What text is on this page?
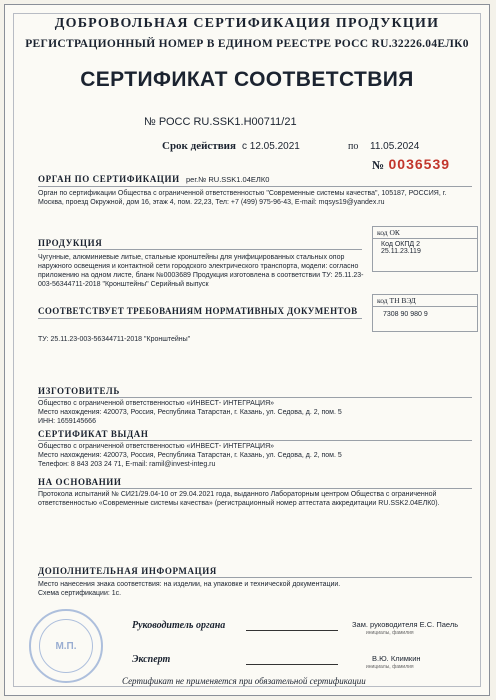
ДОБРОВОЛЬНАЯ СЕРТИФИКАЦИЯ ПРОДУКЦИИ
РЕГИСТРАЦИОННЫЙ НОМЕР В ЕДИНОМ РЕЕСТРЕ РОСС RU.32226.04ЕЛК0
СЕРТИФИКАТ СООТВЕТСТВИЯ
№ РОСС RU.SSK1.Н00711/21
Срок действия с 12.05.2021	по 11.05.2024
№ 0036539
ОРГАН ПО СЕРТИФИКАЦИИ рег.№ RU.SSK1.04ЕЛК0
Орган по сертификации Общества с ограниченной ответственностью "Современные системы качества", 105187, РОССИЯ, г. Москва, проезд Окружной, дом 16, этаж 4, пом. 22,23, Тел: +7 (499) 975-96-43, E-mail: mqsys19@yandex.ru
ПРОДУКЦИЯ
Чугунные, алюминиевые литые, стальные кронштейны для унифицированных стальных опор наружного освещения и контактной сети городского электрического транспорта, модели: согласно приложению на одном листе, бланк №0003689 Продукция изготовлена в соответствии ТУ: 25.11.23-003-56344711-2018 "Кронштейны" Серийный выпуск
код ОК
Код ОКПД 2
25.11.23.119
СООТВЕТСТВУЕТ ТРЕБОВАНИЯМ НОРМАТИВНЫХ ДОКУМЕНТОВ
ТУ: 25.11.23-003-56344711-2018 "Кронштейны"
код ТН ВЭД
7308 90 980 9
ИЗГОТОВИТЕЛЬ
Общество с ограниченной ответственностью «ИНВЕСТ- ИНТЕГРАЦИЯ»
Место нахождения: 420073, Россия, Республика Татарстан, г. Казань, ул. Седова, д. 2, пом. 5
ИНН: 1659145666
СЕРТИФИКАТ ВЫДАН
Общество с ограниченной ответственностью «ИНВЕСТ- ИНТЕГРАЦИЯ»
Место нахождения: 420073, Россия, Республика Татарстан, г. Казань, ул. Седова, д. 2, пом. 5
Телефон: 8 843 203 24 71, E-mail: ramil@invest-integ.ru
НА ОСНОВАНИИ
Протокола испытаний № СИ21/29.04-10 от 29.04.2021 года, выданного Лабораторным центром Общества с ограниченной ответственностью «Современные системы качества» (регистрационный номер аттестата аккредитации RU.SSK2.04ЕЛК0).
ДОПОЛНИТЕЛЬНАЯ ИНФОРМАЦИЯ
Место нанесения знака соответствия: на изделии, на упаковке и технической документации.
Схема сертификации: 1с.
Руководитель органа	Зам. руководителя Е.С. Паель
инициалы, фамилия
Эксперт	В.Ю. Климкин
инициалы, фамилия
Сертификат не применяется при обязательной сертификации
М.П.
